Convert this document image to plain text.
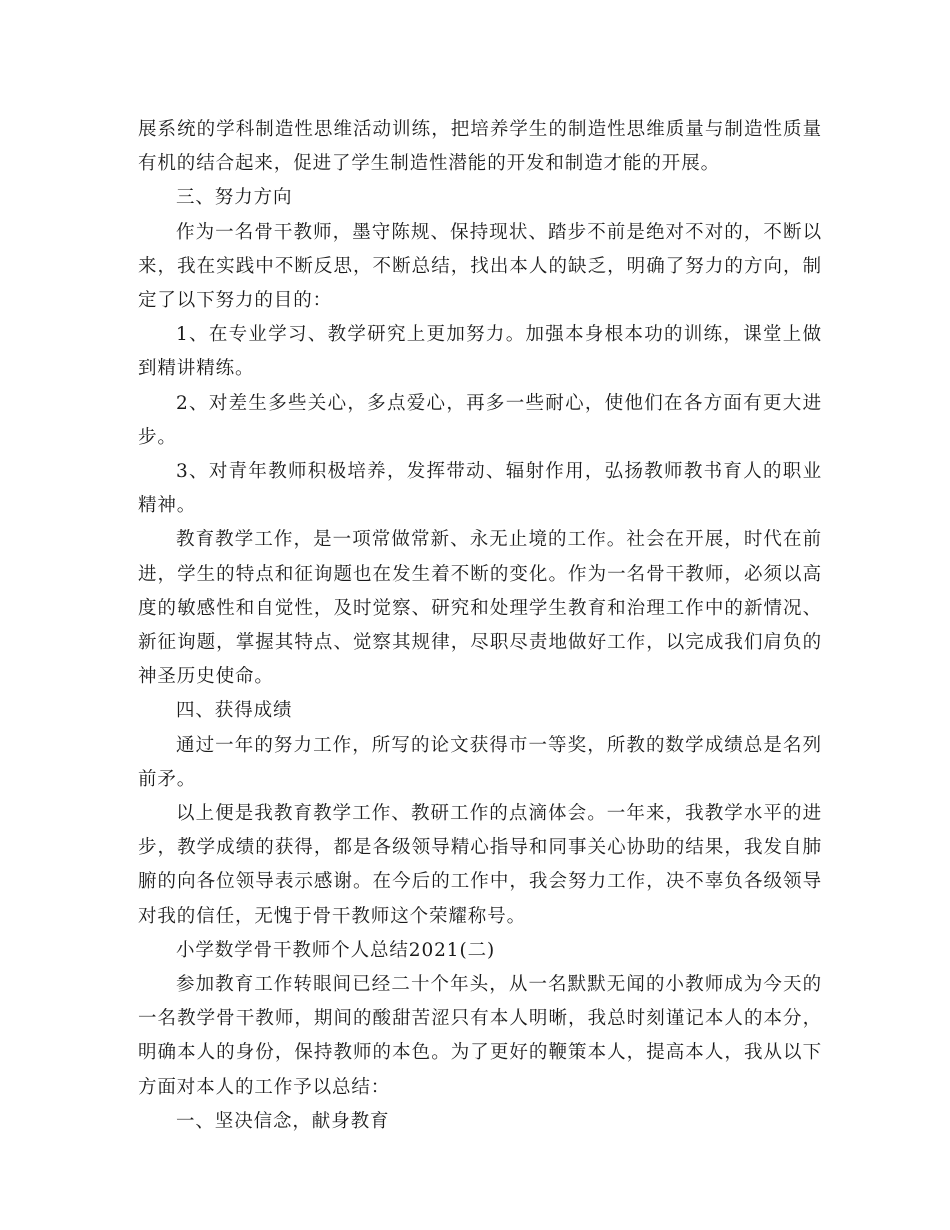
展系统的学科制造性思维活动训练，把培养学生的制造性思维质量与制造性质量有机的结合起来，促进了学生制造性潜能的开发和制造才能的开展。

三、努力方向

作为一名骨干教师，墨守陈规、保持现状、踏步不前是绝对不对的，不断以来，我在实践中不断反思，不断总结，找出本人的缺乏，明确了努力的方向，制定了以下努力的目的：

1、在专业学习、教学研究上更加努力。加强本身根本功的训练，课堂上做到精讲精练。

2、对差生多些关心，多点爱心，再多一些耐心，使他们在各方面有更大进步。

3、对青年教师积极培养，发挥带动、辐射作用，弘扬教师教书育人的职业精神。

教育教学工作，是一项常做常新、永无止境的工作。社会在开展，时代在前进，学生的特点和征询题也在发生着不断的变化。作为一名骨干教师，必须以高度的敏感性和自觉性，及时觉察、研究和处理学生教育和治理工作中的新情况、新征询题，掌握其特点、觉察其规律，尽职尽责地做好工作，以完成我们肩负的神圣历史使命。

四、获得成绩

通过一年的努力工作，所写的论文获得市一等奖，所教的数学成绩总是名列前矛。

以上便是我教育教学工作、教研工作的点滴体会。一年来，我教学水平的进步，教学成绩的获得，都是各级领导精心指导和同事关心协助的结果，我发自肺腑的向各位领导表示感谢。在今后的工作中，我会努力工作，决不辜负各级领导对我的信任，无愧于骨干教师这个荣耀称号。

小学数学骨干教师个人总结2021(二)

参加教育工作转眼间已经二十个年头，从一名默默无闻的小教师成为今天的一名教学骨干教师，期间的酸甜苦涩只有本人明晰，我总时刻谨记本人的本分，明确本人的身份，保持教师的本色。为了更好的鞭策本人，提高本人，我从以下方面对本人的工作予以总结：

一、坚决信念，献身教育
